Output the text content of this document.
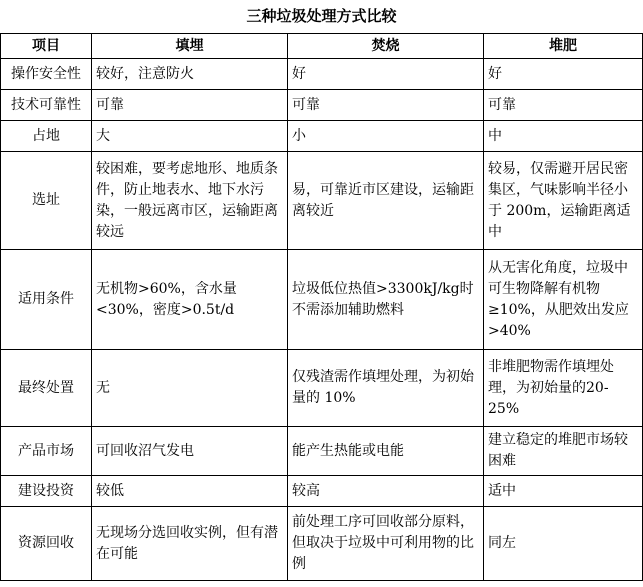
三种垃圾处理方式比较
项目	填埋	焚烧	堆肥
操作安全性	较好，注意防火	好	好
技术可靠性	可靠	可靠	可靠
占地	大	小	中
选址	较困难，要考虑地形、地质条件，防止地表水、地下水污染，一般远离市区，运输距离较远	易，可靠近市区建设，运输距离较近	较易，仅需避开居民密集区，气味影响半径小于 200m，运输距离适中
适用条件	无机物>60%，含水量<30%，密度>0.5t/d	垃圾低位热值>3300kJ/kg时不需添加辅助燃料	从无害化角度，垃圾中可生物降解有机物≥10%，从肥效出发应>40%
最终处置	无	仅残渣需作填埋处理，为初始量的 10%	非堆肥物需作填埋处理，为初始量的20-25%
产品市场	可回收沼气发电	能产生热能或电能	建立稳定的堆肥市场较困难
建设投资	较低	较高	适中
资源回收	无现场分选回收实例，但有潜在可能	前处理工序可回收部分原料，但取决于垃圾中可利用物的比例	同左
